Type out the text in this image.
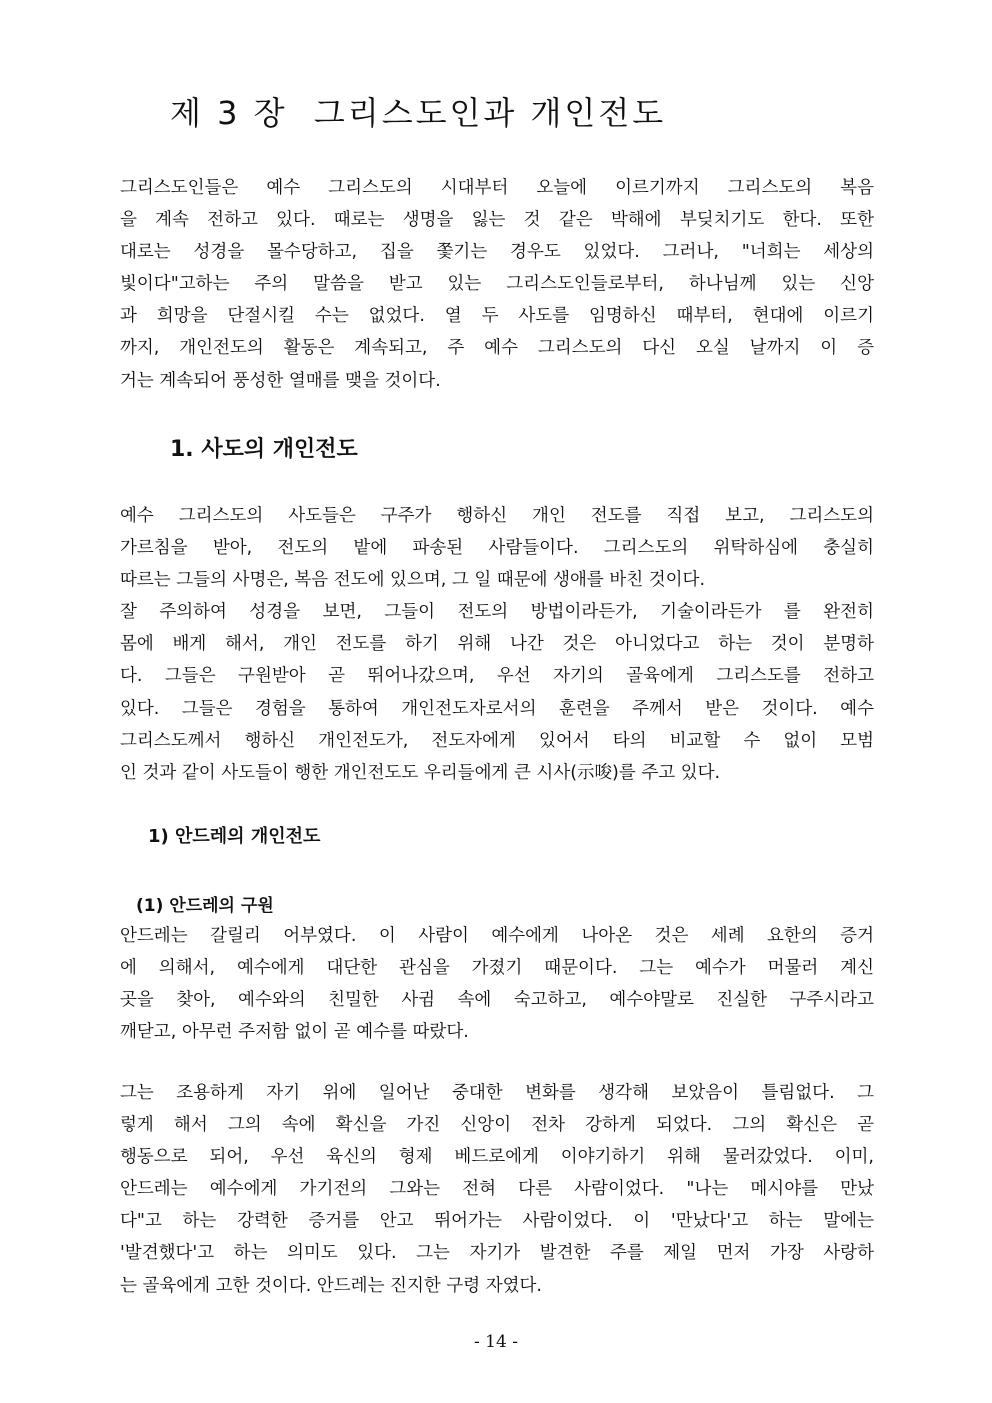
제 3 장  그리스도인과 개인전도
그리스도인들은 예수 그리스도의 시대부터 오늘에 이르기까지 그리스도의 복음
을 계속 전하고 있다. 때로는 생명을 잃는 것 같은 박해에 부딪치기도 한다. 또한
대로는 성경을 몰수당하고, 집을 쫓기는 경우도 있었다. 그러나, "너희는 세상의
빛이다"고하는 주의 말씀을 받고 있는 그리스도인들로부터, 하나님께 있는 신앙
과 희망을 단절시킬 수는 없었다. 열 두 사도를 임명하신 때부터, 현대에 이르기
까지, 개인전도의 활동은 계속되고, 주 예수 그리스도의 다신 오실 날까지 이 증
거는 계속되어 풍성한 열매를 맺을 것이다.
1. 사도의 개인전도
예수 그리스도의 사도들은 구주가 행하신 개인 전도를 직접 보고, 그리스도의
가르침을 받아, 전도의 밭에 파송된 사람들이다. 그리스도의 위탁하심에 충실히
따르는 그들의 사명은, 복음 전도에 있으며, 그 일 때문에 생애를 바친 것이다.
잘 주의하여 성경을 보면, 그들이 전도의 방법이라든가, 기술이라든가 를 완전히
몸에 배게 해서, 개인 전도를 하기 위해 나간 것은 아니었다고 하는 것이 분명하
다. 그들은 구원받아 곧 뛰어나갔으며, 우선 자기의 골육에게 그리스도를 전하고
있다. 그들은 경험을 통하여 개인전도자로서의 훈련을 주께서 받은 것이다. 예수
그리스도께서 행하신 개인전도가, 전도자에게 있어서 타의 비교할 수 없이 모범
인 것과 같이 사도들이 행한 개인전도도 우리들에게 큰 시사(示唆)를 주고 있다.
1) 안드레의 개인전도
(1) 안드레의 구원
안드레는 갈릴리 어부였다. 이 사람이 예수에게 나아온 것은 세례 요한의 증거
에 의해서, 예수에게 대단한 관심을 가졌기 때문이다. 그는 예수가 머물러 계신
곳을 찾아, 예수와의 친밀한 사귐 속에 숙고하고, 예수야말로 진실한 구주시라고
깨닫고, 아무런 주저함 없이 곧 예수를 따랐다.
그는 조용하게 자기 위에 일어난 중대한 변화를 생각해 보았음이 틀림없다. 그
렇게 해서 그의 속에 확신을 가진 신앙이 전차 강하게 되었다. 그의 확신은 곧
행동으로 되어, 우선 육신의 형제 베드로에게 이야기하기 위해 물러갔었다. 이미,
안드레는 예수에게 가기전의 그와는 전혀 다른 사람이었다. "나는 메시야를 만났
다"고 하는 강력한 증거를 안고 뛰어가는 사람이었다. 이 '만났다'고 하는 말에는
'발견했다'고 하는 의미도 있다. 그는 자기가 발견한 주를 제일 먼저 가장 사랑하
는 골육에게 고한 것이다. 안드레는 진지한 구령 자였다.
- 14 -
